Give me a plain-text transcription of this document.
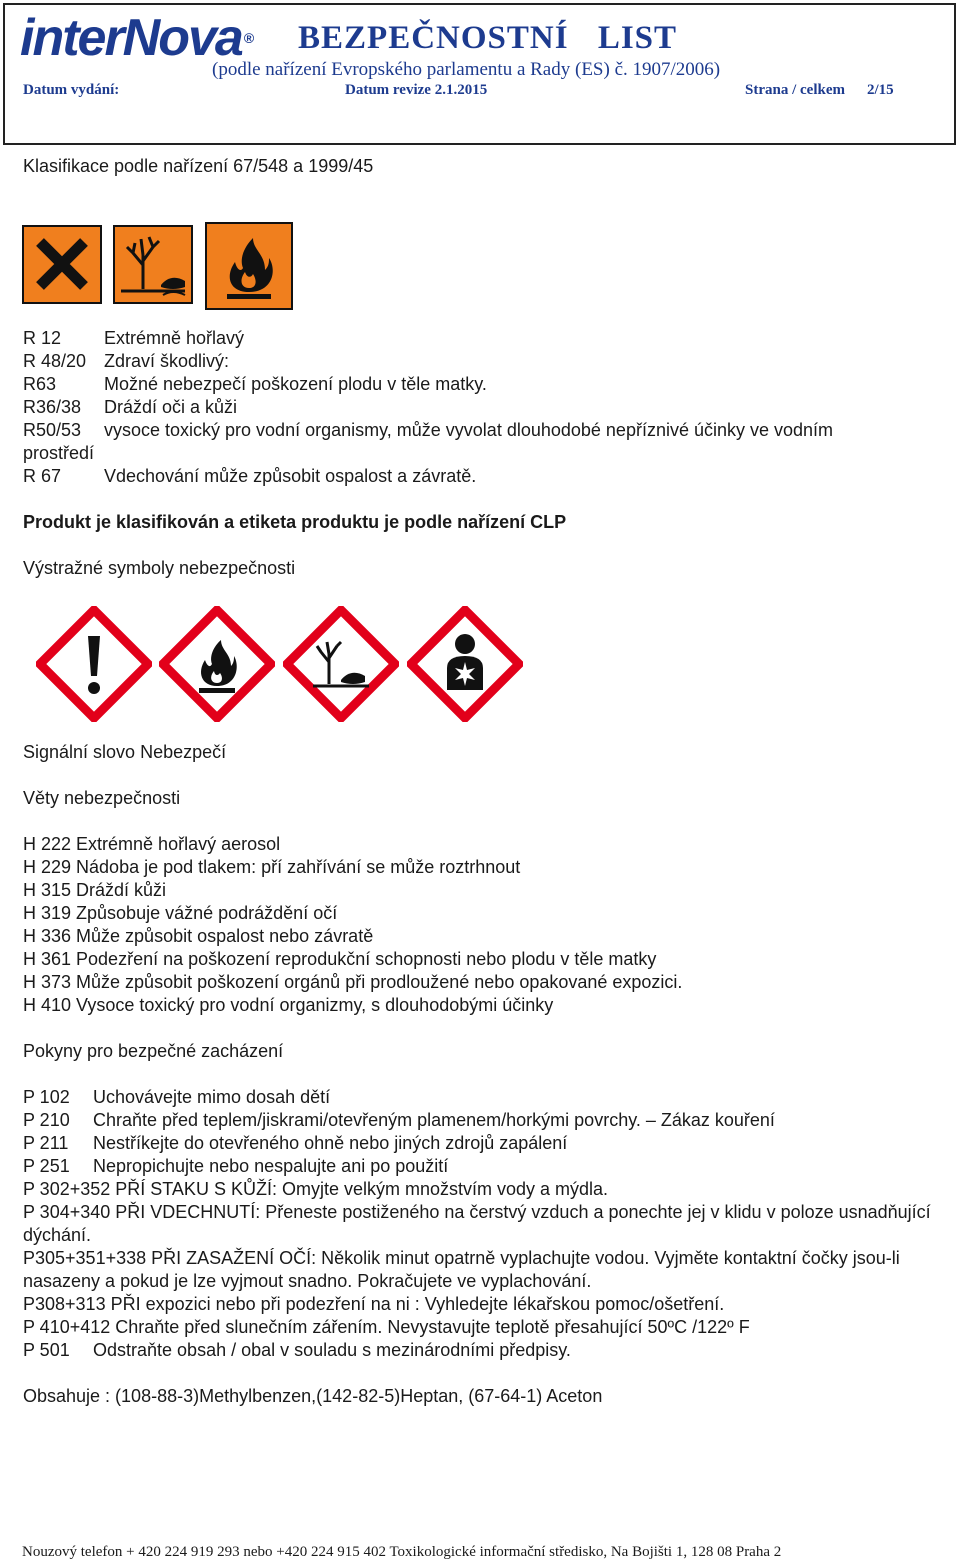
interNova ®	BEZPEČNOSTNÍ LIST
(podle nařízení Evropského parlamentu a Rady (ES) č. 1907/2006)
Datum vydání:	Datum revize 2.1.2015	Strana / celkem 2/15
Klasifikace podle nařízení 67/548 a 1999/45
R 12 Extrémně hořlavý
R 48/20 Zdraví škodlivý:
R63	Možné nebezpečí poškození plodu v těle matky.
R36/38 Dráždí oči a kůži
R50/53 vysoce toxický pro vodní organismy, může vyvolat dlouhodobé nepříznivé účinky ve vodním
prostředí
R 67 Vdechování může způsobit ospalost a závratě.
Produkt je klasifikován a etiketa produktu je podle nařízení CLP
Výstražné symboly nebezpečnosti
Signální slovo Nebezpečí
Věty nebezpečnosti
H 222 Extrémně hořlavý aerosol
H 229 Nádoba je pod tlakem: pří zahřívání se může roztrhnout
H 315 Dráždí kůži
H 319 Způsobuje vážné podráždění očí
H 336 Může způsobit ospalost nebo závratě
H 361 Podezření na poškození reprodukční schopnosti nebo plodu v těle matky
H 373 Může způsobit poškození orgánů při prodloužené nebo opakované expozici.
H 410 Vysoce toxický pro vodní organizmy, s dlouhodobými účinky
Pokyny pro bezpečné zacházení
P 102 Uchovávejte mimo dosah dětí
P 210 Chraňte před teplem/jiskrami/otevřeným plamenem/horkými povrchy. – Zákaz kouření
P 211 Nestříkejte do otevřeného ohně nebo jiných zdrojů zapálení
P 251 Nepropichujte nebo nespalujte ani po použití
P 302+352 PŘÍ STAKU S KŮŽÍ: Omyjte velkým množstvím vody a mýdla.
P 304+340 PŘI VDECHNUTÍ: Přeneste postiženého na čerstvý vzduch a ponechte jej v klidu v poloze usnadňující dýchání.
P305+351+338 PŘI ZASAŽENÍ OČÍ: Několik minut opatrně vyplachujte vodou. Vyjměte kontaktní čočky jsou-li nasazeny a pokud je lze vyjmout snadno. Pokračujete ve vyplachování.
P308+313 PŘI expozici nebo při podezření na ni : Vyhledejte lékařskou pomoc/ošetření.
P 410+412 Chraňte před slunečním zářením. Nevystavujte teplotě přesahující 50ºC /122º F
P 501 Odstraňte obsah / obal v souladu s mezinárodními předpisy.
Obsahuje : (108-88-3)Methylbenzen,(142-82-5)Heptan, (67-64-1) Aceton
Nouzový telefon + 420 224 919 293 nebo +420 224 915 402 Toxikologické informační středisko, Na Bojišti 1, 128 08 Praha 2
